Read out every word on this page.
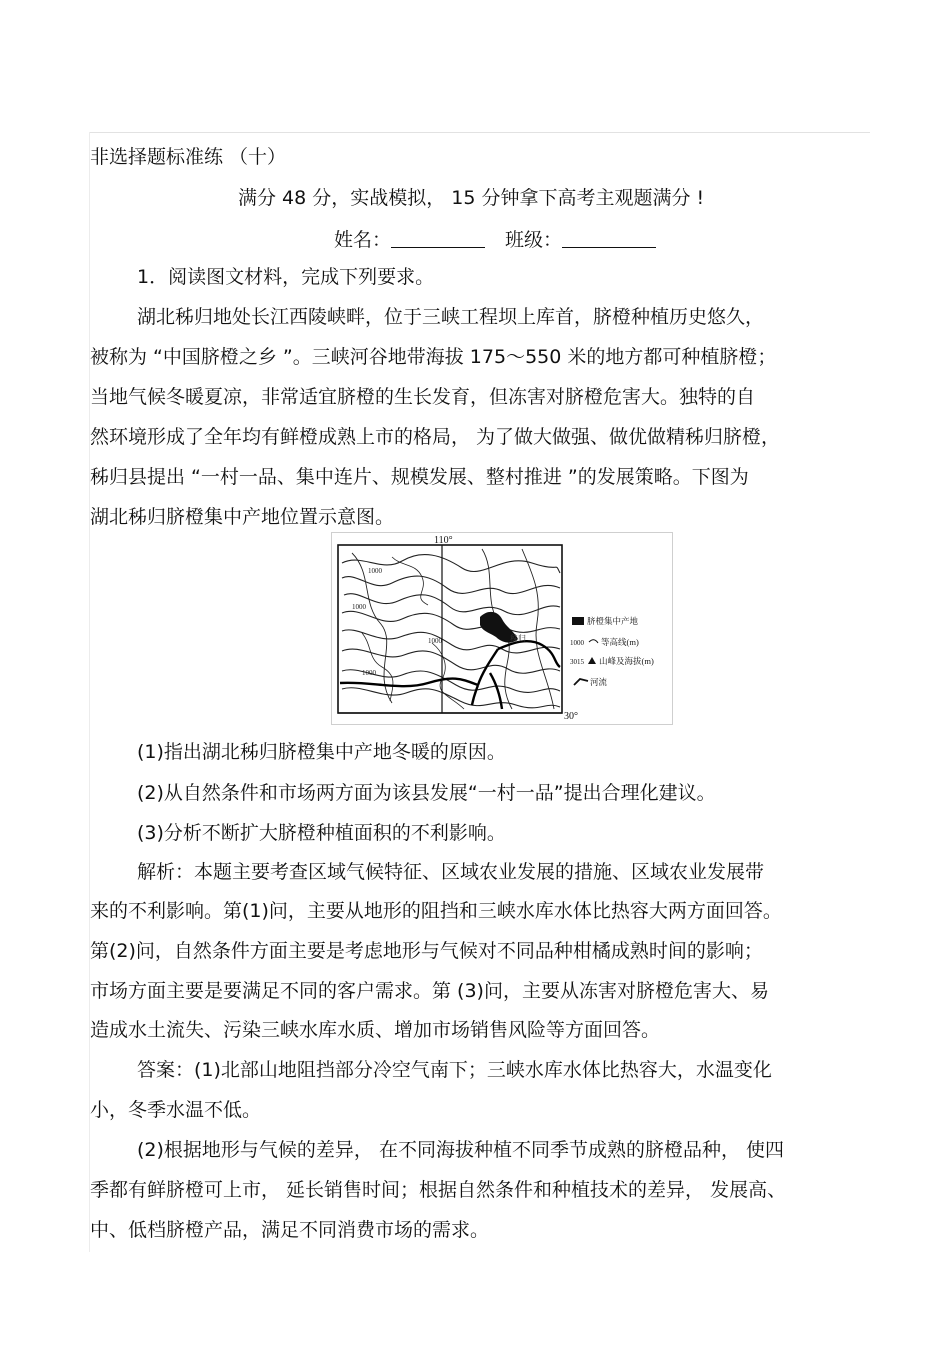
非选择题标准练 （十）
满分 48 分，实战模拟， 15 分钟拿下高考主观题满分 !
姓名：	班级：
1．阅读图文材料，完成下列要求。
湖北秭归地处长江西陵峡畔，位于三峡工程坝上库首，脐橙种植历史悠久，
被称为 “中国脐橙之乡 ”。三峡河谷地带海拔 175～550 米的地方都可种植脐橙；
当地气候冬暖夏凉，非常适宜脐橙的生长发育，但冻害对脐橙危害大。独特的自
然环境形成了全年均有鲜橙成熟上市的格局， 为了做大做强、做优做精秭归脐橙，
秭归县提出 “一村一品、集中连片、规模发展、整村推进 ”的发展策略。下图为
湖北秭归脐橙集中产地位置示意图。
秭归
110°
30°
1000
1000
1000
1000
脐橙集中产地
1000 等高线(m)
3015 山峰及海拔(m)
河流
(1)指出湖北秭归脐橙集中产地冬暖的原因。
(2)从自然条件和市场两方面为该县发展“一村一品”提出合理化建议。
(3)分析不断扩大脐橙种植面积的不利影响。
解析：本题主要考查区域气候特征、区域农业发展的措施、区域农业发展带
来的不利影响。第(1)问，主要从地形的阻挡和三峡水库水体比热容大两方面回答。
第(2)问，自然条件方面主要是考虑地形与气候对不同品种柑橘成熟时间的影响；
市场方面主要是要满足不同的客户需求。第 (3)问，主要从冻害对脐橙危害大、易
造成水土流失、污染三峡水库水质、增加市场销售风险等方面回答。
答案：(1)北部山地阻挡部分冷空气南下；三峡水库水体比热容大，水温变化
小，冬季水温不低。
(2)根据地形与气候的差异， 在不同海拔种植不同季节成熟的脐橙品种， 使四
季都有鲜脐橙可上市， 延长销售时间；根据自然条件和种植技术的差异， 发展高、
中、低档脐橙产品，满足不同消费市场的需求。
